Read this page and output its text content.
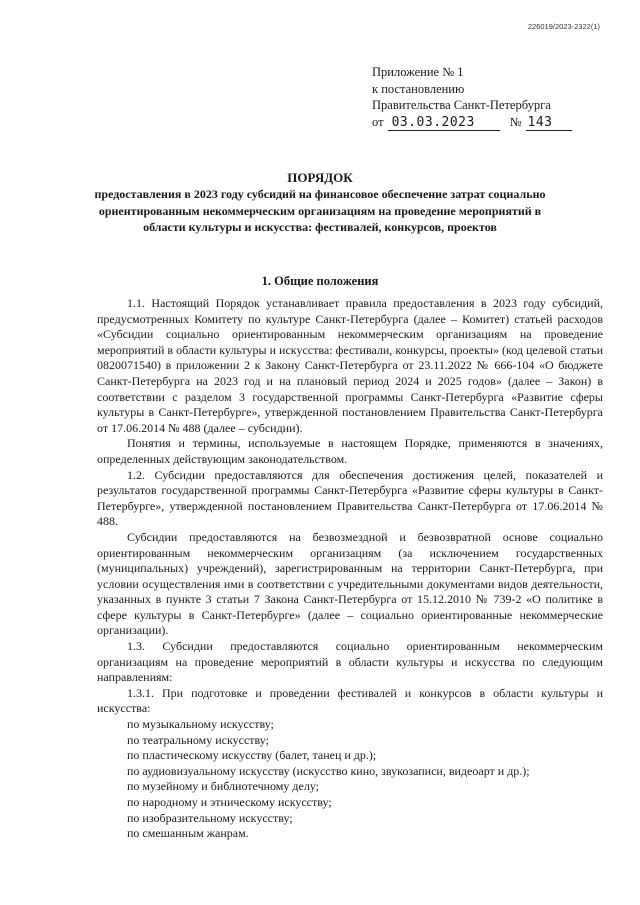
226019/2023-2322(1)
Приложение № 1
к постановлению
Правительства Санкт-Петербурга
от 03.03.2023	№ 143
ПОРЯДОК
предоставления в 2023 году субсидий на финансовое обеспечение затрат социально ориентированным некоммерческим организациям на проведение мероприятий в области культуры и искусства: фестивалей, конкурсов, проектов
1. Общие положения

1.1. Настоящий Порядок устанавливает правила предоставления в 2023 году субсидий, предусмотренных Комитету по культуре Санкт-Петербурга (далее – Комитет) статьей расходов «Субсидии социально ориентированным некоммерческим организациям на проведение мероприятий в области культуры и искусства: фестивали, конкурсы, проекты» (код целевой статьи 0820071540) в приложении 2 к Закону Санкт-Петербурга от 23.11.2022 № 666-104 «О бюджете Санкт-Петербурга на 2023 год и на плановый период 2024 и 2025 годов» (далее – Закон) в соответствии с разделом 3 государственной программы Санкт-Петербурга «Развитие сферы культуры в Санкт-Петербурге», утвержденной постановлением Правительства Санкт-Петербурга от 17.06.2014 № 488 (далее – субсидии).

Понятия и термины, используемые в настоящем Порядке, применяются в значениях, определенных действующим законодательством.

1.2. Субсидии предоставляются для обеспечения достижения целей, показателей и результатов государственной программы Санкт-Петербурга «Развитие сферы культуры в Санкт-Петербурге», утвержденной постановлением Правительства Санкт-Петербурга от 17.06.2014 № 488.

Субсидии предоставляются на безвозмездной и безвозвратной основе социально ориентированным некоммерческим организациям (за исключением государственных (муниципальных) учреждений), зарегистрированным на территории Санкт-Петербурга, при условии осуществления ими в соответствии с учредительными документами видов деятельности, указанных в пункте 3 статьи 7 Закона Санкт-Петербурга от 15.12.2010 № 739-2 «О политике в сфере культуры в Санкт-Петербурге» (далее – социально ориентированные некоммерческие организации).

1.3. Субсидии предоставляются социально ориентированным некоммерческим организациям на проведение мероприятий в области культуры и искусства по следующим направлениям:

1.3.1. При подготовке и проведении фестивалей и конкурсов в области культуры и искусства:

по музыкальному искусству;

по театральному искусству;

по пластическому искусству (балет, танец и др.);

по аудиовизуальному искусству (искусство кино, звукозаписи, видеоарт и др.);

по музейному и библиотечному делу;

по народному и этническому искусству;

по изобразительному искусству;

по смешанным жанрам.
